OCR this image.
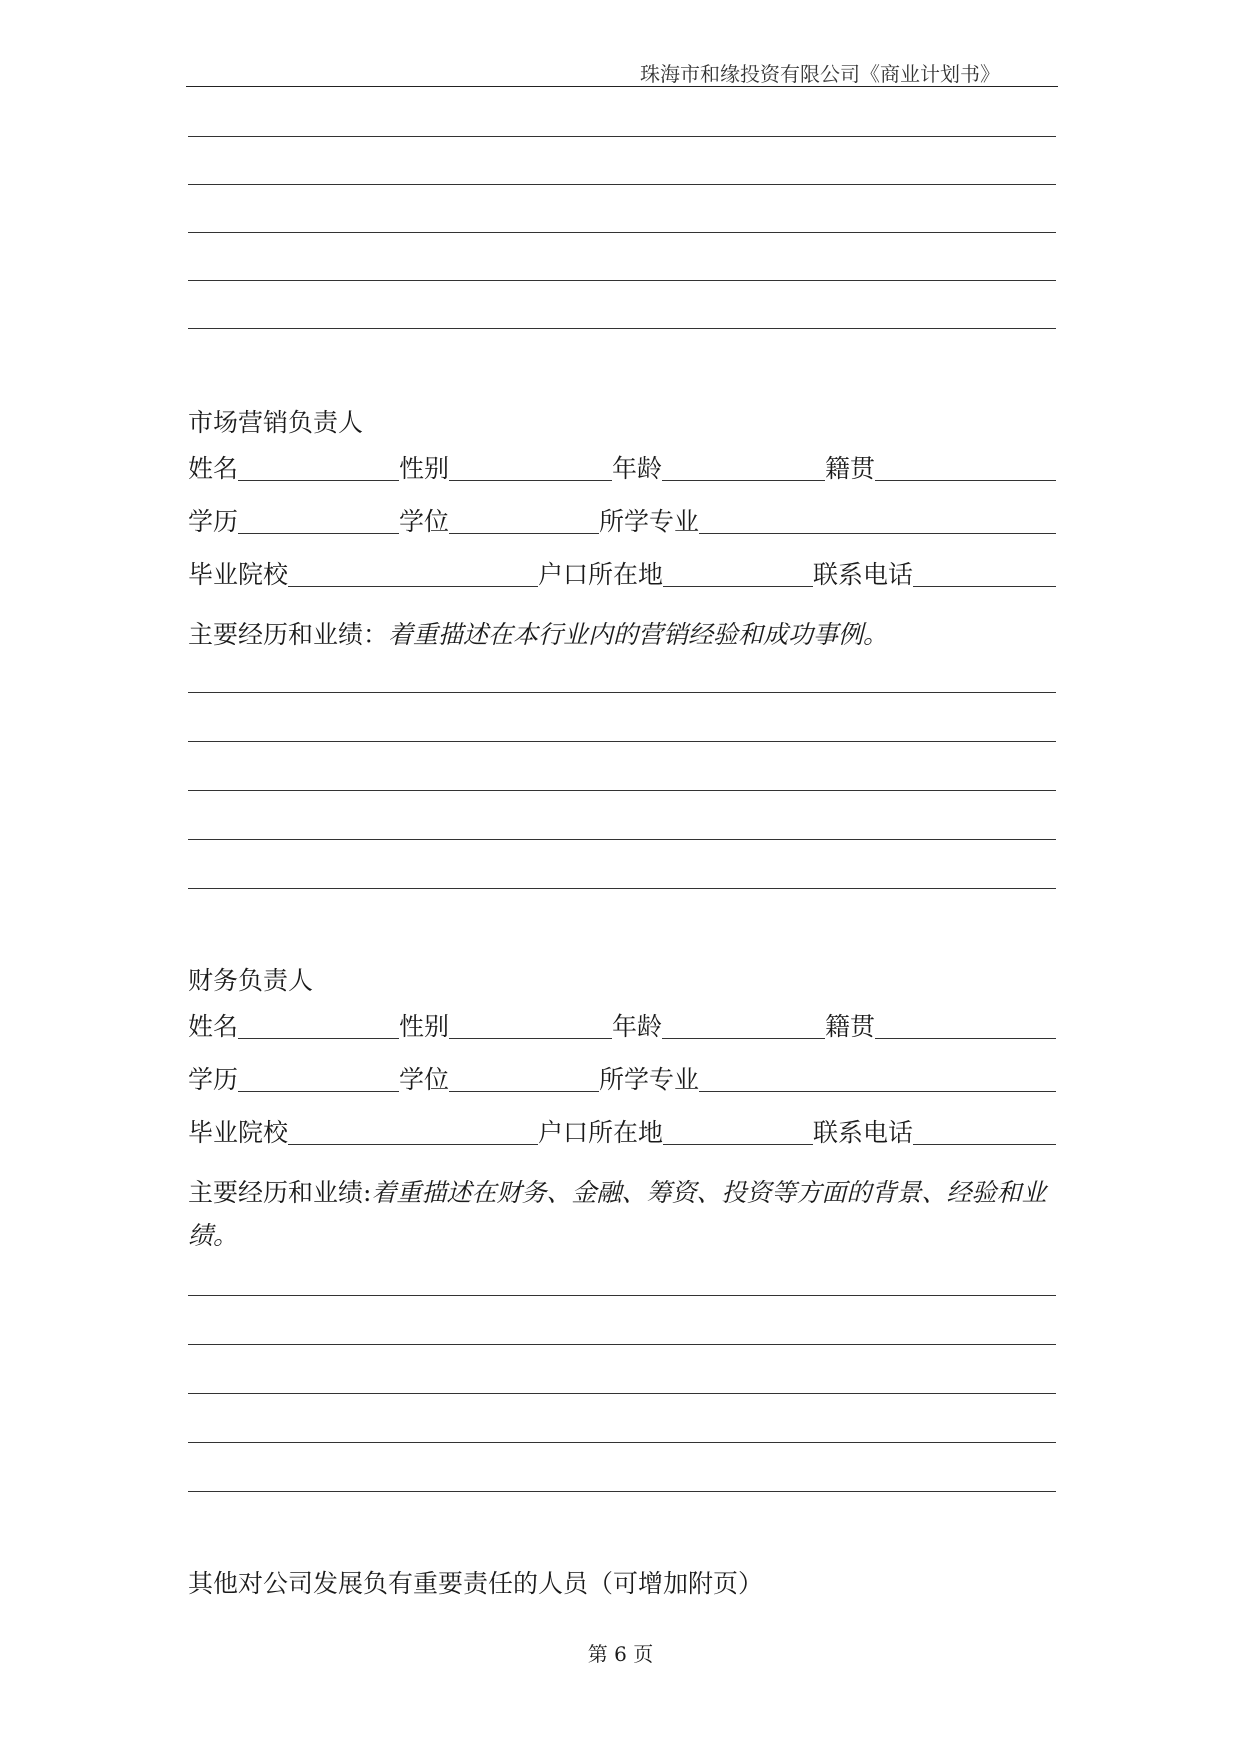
珠海市和缘投资有限公司《商业计划书》
市场营销负责人
姓名	性别	年龄	籍贯
学历	学位	所学专业
毕业院校	户口所在地	联系电话
主要经历和业绩：着重描述在本行业内的营销经验和成功事例。
财务负责人
姓名	性别	年龄	籍贯
学历	学位	所学专业
毕业院校	户口所在地	联系电话
主要经历和业绩:着重描述在财务、金融、筹资、投资等方面的背景、经验和业绩。
其他对公司发展负有重要责任的人员（可增加附页）
第 6 页
